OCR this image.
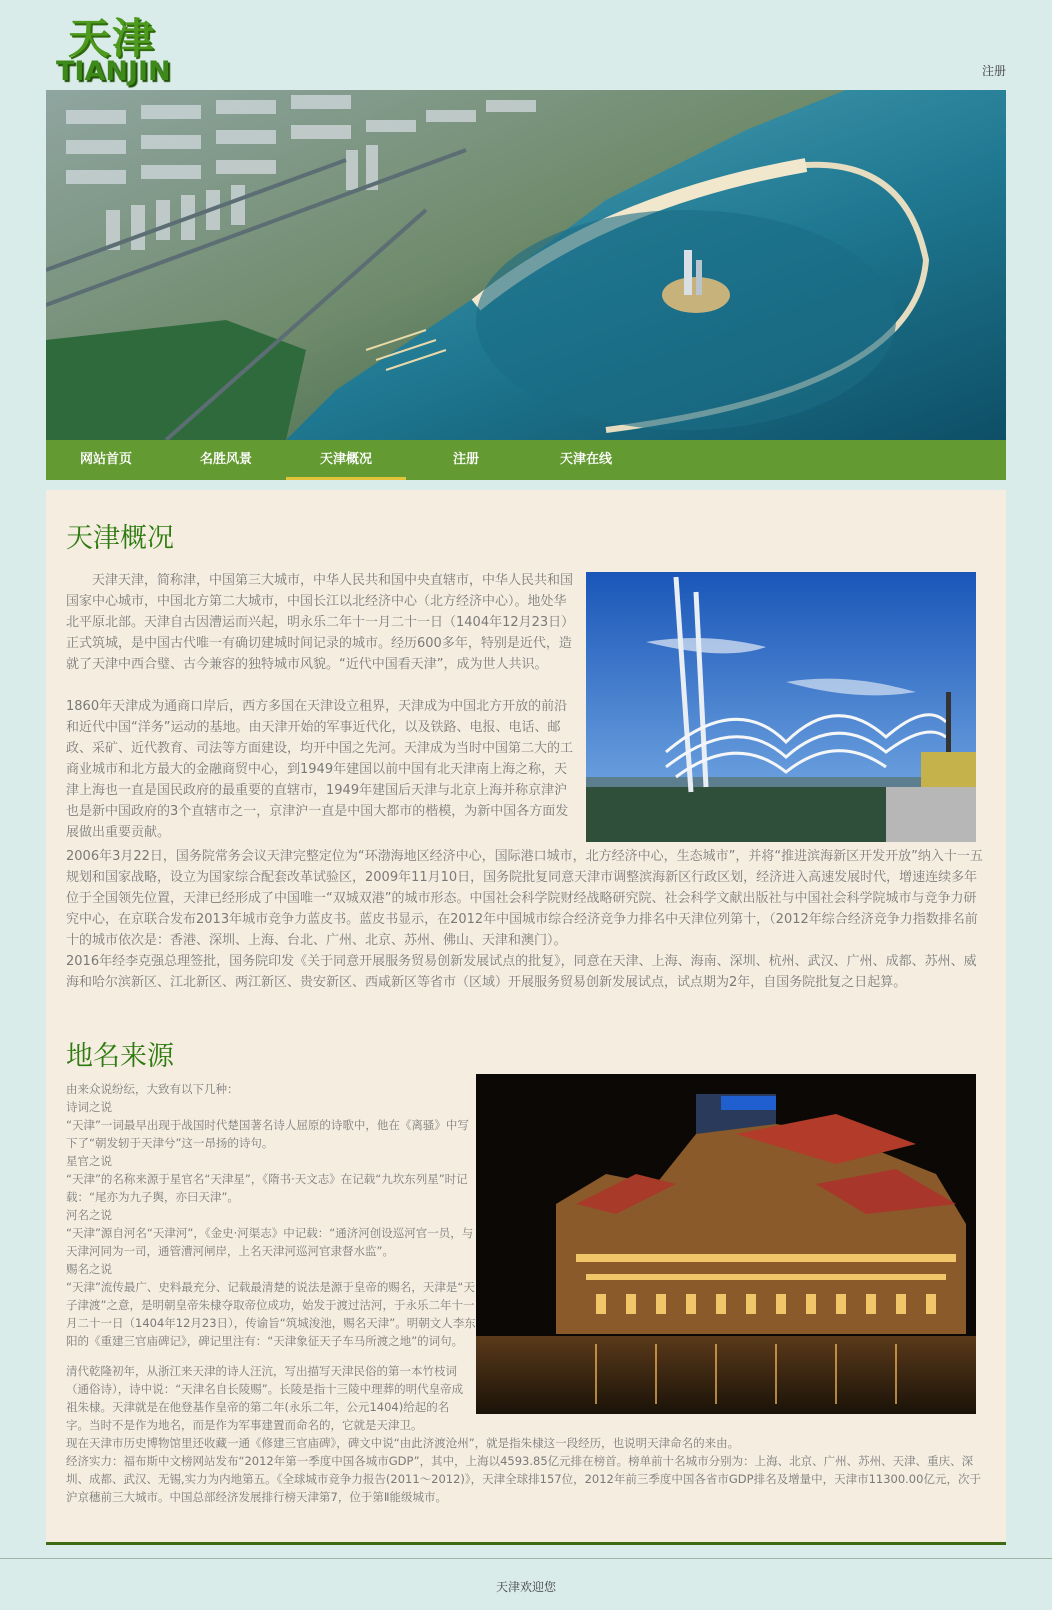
天津
TIANJIN	注册
网站首页	名胜风景	天津概况	注册	天津在线
天津概况

　　天津天津，简称津，中国第三大城市，中华人民共和国中央直辖市，中华人民共和国国家中心城市，中国北方第二大城市，中国长江以北经济中心（北方经济中心）。地处华北平原北部。天津自古因漕运而兴起，明永乐二年十一月二十一日（1404年12月23日）正式筑城，是中国古代唯一有确切建城时间记录的城市。经历600多年，特别是近代，造就了天津中西合璧、古今兼容的独特城市风貌。“近代中国看天津”，成为世人共识。

1860年天津成为通商口岸后，西方多国在天津设立租界，天津成为中国北方开放的前沿和近代中国“洋务”运动的基地。由天津开始的军事近代化，以及铁路、电报、电话、邮政、采矿、近代教育、司法等方面建设，均开中国之先河。天津成为当时中国第二大的工商业城市和北方最大的金融商贸中心，到1949年建国以前中国有北天津南上海之称，天津上海也一直是国民政府的最重要的直辖市，1949年建国后天津与北京上海并称京津沪也是新中国政府的3个直辖市之一，京津沪一直是中国大都市的楷模，为新中国各方面发展做出重要贡献。

2006年3月22日，国务院常务会议天津完整定位为“环渤海地区经济中心，国际港口城市，北方经济中心，生态城市”，并将“推进滨海新区开发开放”纳入十一五规划和国家战略，设立为国家综合配套改革试验区，2009年11月10日，国务院批复同意天津市调整滨海新区行政区划，经济进入高速发展时代，增速连续多年位于全国领先位置，天津已经形成了中国唯一“双城双港”的城市形态。中国社会科学院财经战略研究院、社会科学文献出版社与中国社会科学院城市与竞争力研究中心，在京联合发布2013年城市竞争力蓝皮书。蓝皮书显示，在2012年中国城市综合经济竞争力排名中天津位列第十，（2012年综合经济竞争力指数排名前十的城市依次是：香港、深圳、上海、台北、广州、北京、苏州、佛山、天津和澳门）。

2016年经李克强总理签批，国务院印发《关于同意开展服务贸易创新发展试点的批复》，同意在天津、上海、海南、深圳、杭州、武汉、广州、成都、苏州、威海和哈尔滨新区、江北新区、两江新区、贵安新区、西咸新区等省市（区域）开展服务贸易创新发展试点，试点期为2年，自国务院批复之日起算。

地名来源

由来众说纷纭，大致有以下几种：

诗词之说

“天津”一词最早出现于战国时代楚国著名诗人屈原的诗歌中，他在《离骚》中写下了“朝发轫于天津兮”这一昂扬的诗句。

星官之说

“天津”的名称来源于星官名“天津星”，《隋书·天文志》在记载“九坎东列星”时记载：“尾亦为九子舆，亦曰天津”。

河名之说

“天津”源自河名“天津河”，《金史·河渠志》中记载：“通济河创设巡河官一员，与天津河同为一司，通管漕河闸岸，上名天津河巡河官隶督水监”。

赐名之说

“天津”流传最广、史料最充分、记载最清楚的说法是源于皇帝的赐名，天津是“天子津渡”之意，是明朝皇帝朱棣夺取帝位成功，始发于渡过沽河，于永乐二年十一月二十一日（1404年12月23日），传谕旨“筑城浚池，赐名天津”。明朝文人李东阳的《重建三官庙碑记》，碑记里注有：“天津象征天子车马所渡之地”的词句。

清代乾隆初年，从浙江来天津的诗人汪沆，写出描写天津民俗的第一本竹枝词（通俗诗），诗中说：“天津名自长陵赐”。长陵是指十三陵中理葬的明代皇帝成祖朱棣。天津就是在他登基作皇帝的第二年(永乐二年，公元1404)给起的名字。当时不是作为地名，而是作为军事建置而命名的，它就是天津卫。

现在天津市历史博物馆里还收藏一通《修建三官庙碑》，碑文中说“由此济渡沧州”，就是指朱棣这一段经历，也说明天津命名的来由。

经济实力：福布斯中文榜网站发布“2012年第一季度中国各城市GDP”，其中，上海以4593.85亿元排在榜首。榜单前十名城市分别为：上海、北京、广州、苏州、天津、重庆、深圳、成都、武汉、无锡,实力为内地第五。《全球城市竞争力报告(2011～2012)》，天津全球排157位，2012年前三季度中国各省市GDP排名及增量中，天津市11300.00亿元，次于沪京穗前三大城市。中国总部经济发展排行榜天津第7，位于第Ⅱ能级城市。

天津欢迎您
